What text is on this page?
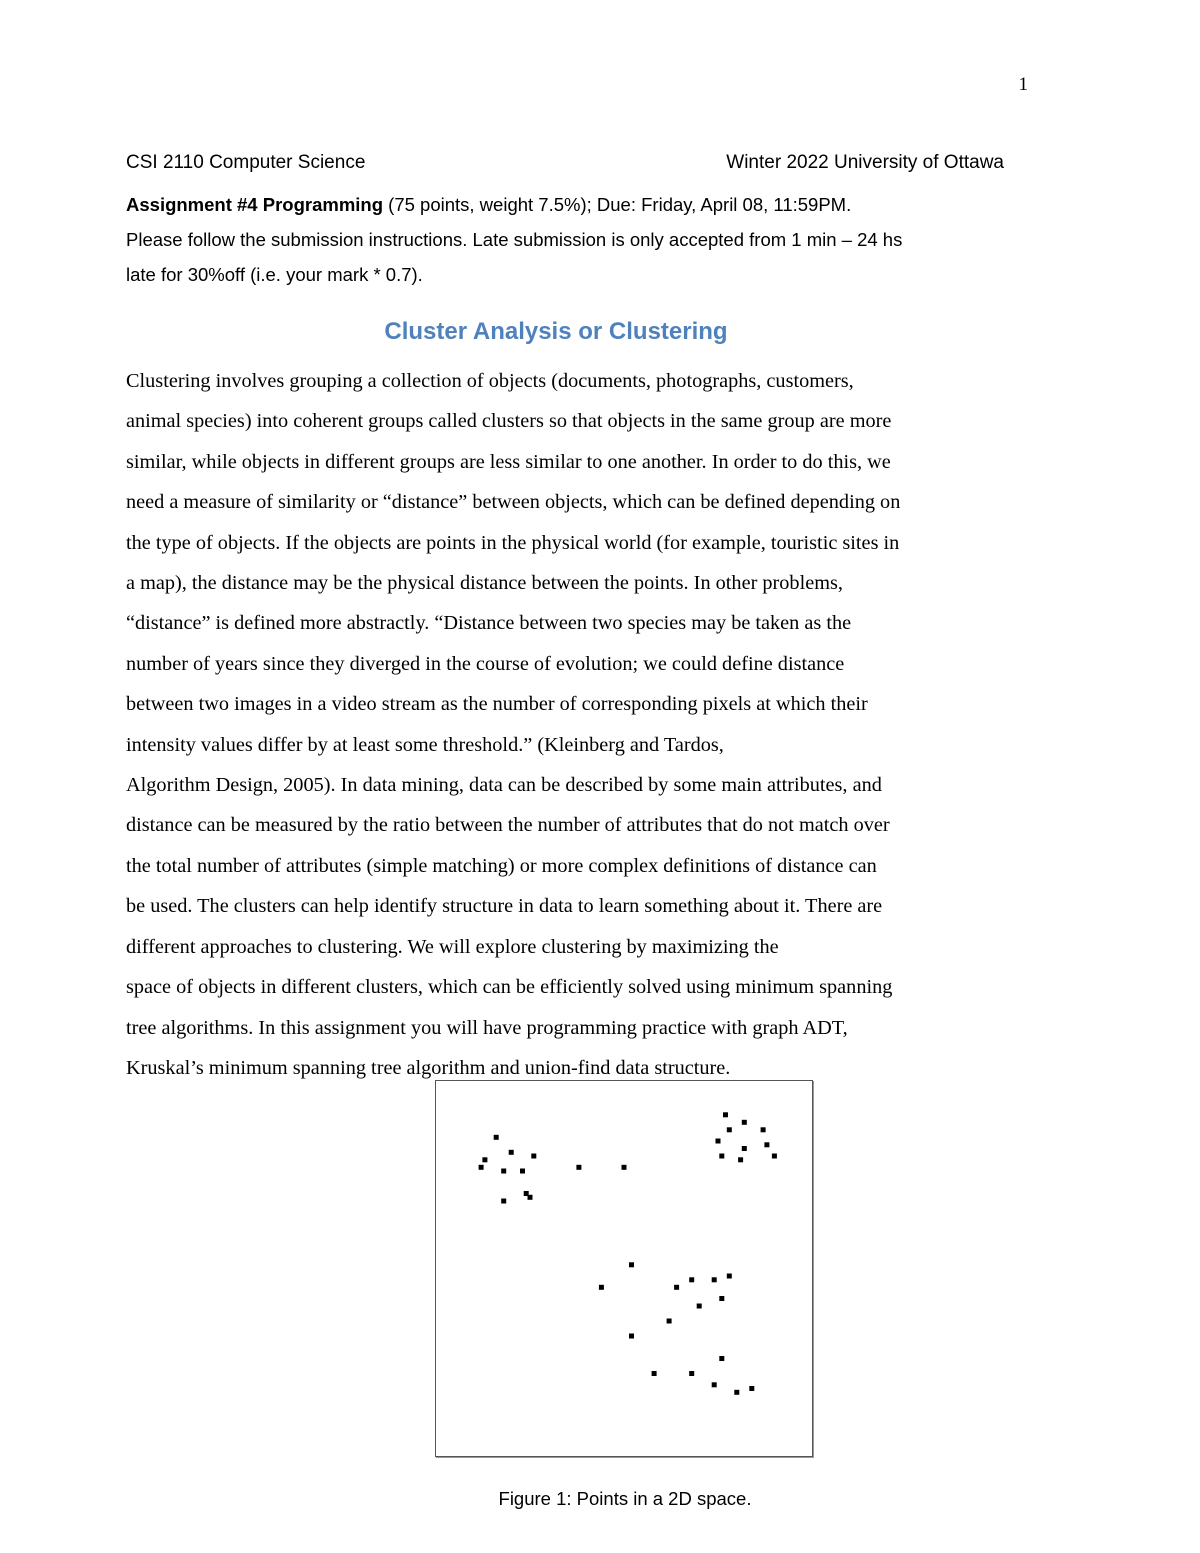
1
CSI 2110 Computer Science	Winter 2022 University of Ottawa
Assignment #4 Programming (75 points, weight 7.5%); Due: Friday, April 08, 11:59PM.
Please follow the submission instructions. Late submission is only accepted from 1 min – 24 hs
late for 30%off (i.e. your mark * 0.7).
Cluster Analysis or Clustering
Clustering involves grouping a collection of objects (documents, photographs, customers,
animal species) into coherent groups called clusters so that objects in the same group are more
similar, while objects in different groups are less similar to one another. In order to do this, we
need a measure of similarity or “distance” between objects, which can be defined depending on
the type of objects. If the objects are points in the physical world (for example, touristic sites in
a map), the distance may be the physical distance between the points. In other problems,
“distance” is defined more abstractly. “Distance between two species may be taken as the
number of years since they diverged in the course of evolution; we could define distance
between two images in a video stream as the number of corresponding pixels at which their
intensity values differ by at least some threshold.” (Kleinberg and Tardos,
Algorithm Design, 2005). In data mining, data can be described by some main attributes, and
distance can be measured by the ratio between the number of attributes that do not match over
the total number of attributes (simple matching) or more complex definitions of distance can
be used. The clusters can help identify structure in data to learn something about it. There are
different approaches to clustering. We will explore clustering by maximizing the
space of objects in different clusters, which can be efficiently solved using minimum spanning
tree algorithms. In this assignment you will have programming practice with graph ADT,
Kruskal’s minimum spanning tree algorithm and union-find data structure.
Figure 1: Points in a 2D space.
